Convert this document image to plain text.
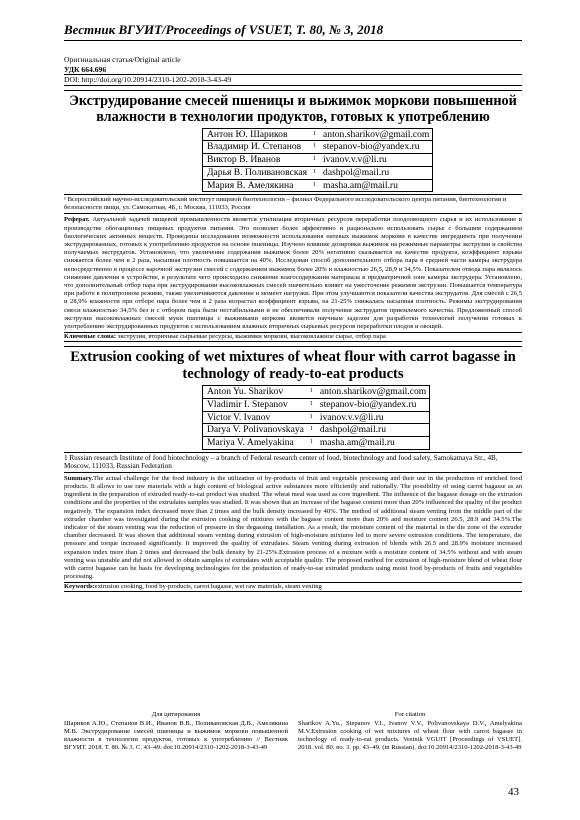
Вестник ВГУИТ/Proceedings of VSUET, Т. 80, № 3, 2018
Оригинальная статья/Original article
УДК 664.696
DOI: http://doi.org/10.20914/2310-1202-2018-3-43-49
Экструдирование смесей пшеницы и выжимок моркови повышенной влажности в технологии продуктов, готовых к употреблению
Антон Ю. Шариков	1	anton.sharikov@gmail.com
Владимир И. Степанов	1	stepanov-bio@yandex.ru
Виктор В. Иванов	1	ivanov.v.v@li.ru
Дарья В. Поливановская	1	dashpol@mail.ru
Мария В. Амелякина	1	masha.am@mail.ru
¹ Всероссийский научно-исследовательский институт пищевой биотехнологии – филиал Федерального исследовательского центра питания, биотехнологии и безопасности пищи, ул. Самокатная, 4Б, г. Москва, 111033, Россия
Реферат. Актуальной задачей пищевой промышленности является утилизация вторичных ресурсов переработки плодоовощного сырья и их использование в производстве обогащенных пищевых продуктов питания. Это позволит более эффективно и рационально использовать сырье с большим содержанием биологических активных веществ. Проведены исследования возможности использования натевых выжимок моркови в качестве ингредиента при получении экструдированных, готовых к употреблению продуктов на основе пшеницы. Изучено влияние дозировки выжимок на режимные параметры экструзии и свойства получаемых экструдатов. Установлено, что увеличение содержания выжимок более 20% негативно сказывается на качестве продукта, коэффициент взрыва снижается более чем в 2 раза, насыпная плотность повышается на 40%. Исследован способ дополнительного отбора пара в средней части камеры экструдера непосредственно в процессе варочной экструзии смесей с содержанием выжимок более 20% и влажностью 26,5, 28,9 и 34,5%. Показателем отвода пара являлось снижение давления в устройстве, в результате чего происходило снижение влагосодержания материала в предматричной зоне камеры экструдера. Установлено, что дополнительный отбор пара при экструдировании высоковлажных смесей значительно влияет на ужесточение режимов экструзии. Повышается температура при работе в политропном режиме, также увеличиваются давление и момент нагрузки. При этом улучшаются показатели качества экструдатов. Для смесей с 26,5 и 28,9% влажности при отборе пара более чем в 2 раза возрастал коэффициент взрыва, на 21-25% снижалась насыпная плотность. Режимы экструдирования смеси влажностью 34,5% без и с отбором пара были нестабильными и не обеспечивали получения экструдатов приемлемого качества. Предложенный способ экструзии высоковлажных смесей муки пшеницы с выжимками моркови является научным заделом для разработки технологий получения готовых к употреблению экструдированных продуктов с использованием влажных вторичных сырьевых ресурсов переработки плодов и овощей.
Ключевые слова: экструзия, вторичные сырьевые ресурсы, выжимки моркови, высоковлажное сырье, отбор пара
Extrusion cooking of wet mixtures of wheat flour with carrot bagasse in technology of ready-to-eat products
Anton Yu. Sharikov	1	anton.sharikov@gmail.com
Vladimir I. Stepanov	1	stepanov-bio@yandex.ru
Victor V. Ivanov	1	ivanov.v.v@li.ru
Darya V. Polivanovskaya	1	dashpol@mail.ru
Mariya V. Amelyakina	1	masha.am@mail.ru
1 Russian research Institute of food biotechnology – a branch of Federal research center of food, biotechnology and food safety, Samokatnaya Str., 4B, Moscow, 111033, Russian Federation
Summary.The actual challenge for the food industry is the utilization of by-products of fruit and vegetable processing and their use in the production of enriched food products. It allows to use raw materials with a high content of biological active substances more efficiently and rationally. The possibility of using carrot bagasse as an ingredient in the preparation of extruded ready-to-eat product was studied. The wheat meal was used as core ingredient. The influence of the bagasse dosage on the extrusion conditions and the properties of the extrudates samples was studied. It was shown that an increase of the bagasse content more than 20% influenced the quality of the product negatively. The expansion index decreased more than 2 times and the bulk density increased by 40%. The method of additional steam venting from the middle part of the extruder chamber was investigated during the extrusion cooking of mixtures with the bagasse content more than 20% and moisture content 26.5, 28.9 and 34.5%.The indicator of the steam venting was the reduction of pressure in the degassing installation. As a result, the moisture content of the material in the die zone of the extruder chamber decreased. It was shown that additional steam venting during extrusion of high-moisture mixtures led to more severe extrusion conditions. The temperature, die pressure and torque increased significantly. It improved the quality of extrudates. Steam venting during extrusion of blends with 26.5 and 28.9% moisture increased expansion index more than 2 times and decreased the bulk density by 21-25%.Extrusion process of a mixture with a moisture content of 34.5% without and with steam venting was unstable and did not allowed to obtain samples of extrudates with acceptable quality. The proposed method for extrusion of high-moisture blend of wheat flour with carrot bagasse can be basis for developing technologies for the production of ready-to-eat extruded products using moist food by-products of fruits and vegetables processing.
Keywords:extrusion cooking, food by-products, carrot bagasse, wet raw materials, steam venting
Для цитирования
Шариков А.Ю., Степанов В.И., Иванов В.В., Поливановская Д.В., Амелякина М.В. Экструдирование смесей пшеницы и выжимок моркови повышенной влажности в технологии продуктов, готовых к употреблению // Вестник ВГУИТ. 2018. Т. 80. № 3. С. 43–49. doi:10.20914/2310-1202-2018-3-43-49
For citation
Sharikov A.Yu., Stepanov V.I., Ivanov V.V., Polivanovskaya D.V., Amelyakina M.V.Extrusion cooking of wet mixtures of wheat flour with carrot bagasse in technology of ready-to-eat products. Vestnik VGUIT [Proceedings of VSUET]. 2018. vol. 80. no. 3. pp. 43–49. (in Russian). doi:10.20914/2310-1202-2018-3-43-49
43
